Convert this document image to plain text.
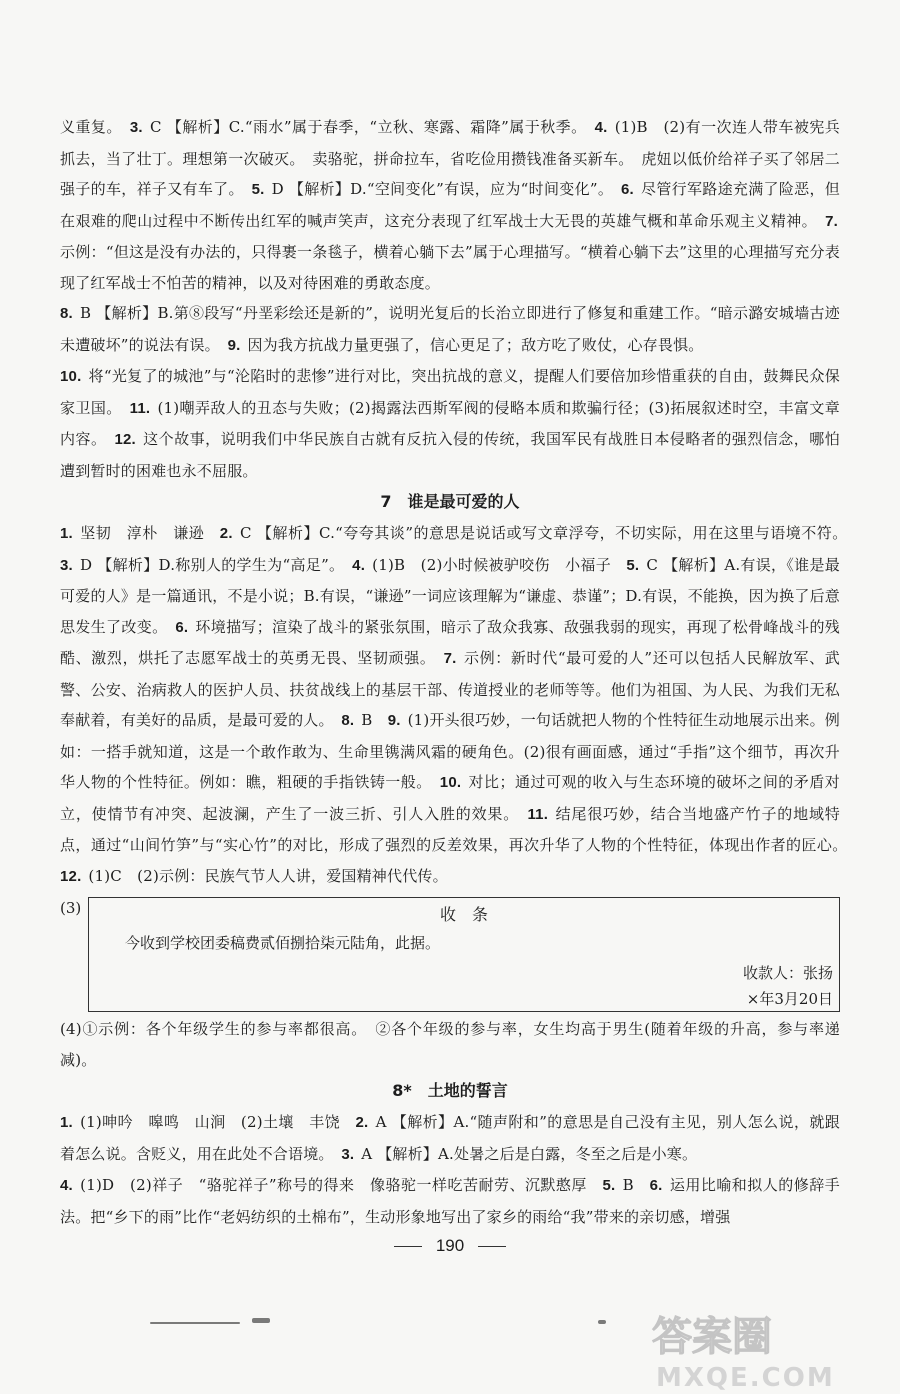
义重复。　3. C 【解析】C.“雨水”属于春季，“立秋、寒露、霜降”属于秋季。　4. (1)B　(2)有一次连人带车被宪兵抓去，当了壮丁。理想第一次破灭。　卖骆驼，拼命拉车，省吃俭用攒钱准备买新车。　虎妞以低价给祥子买了邻居二强子的车，祥子又有车了。　5. D 【解析】D.“空间变化”有误，应为“时间变化”。　6. 尽管行军路途充满了险恶，但在艰难的爬山过程中不断传出红军的喊声笑声，这充分表现了红军战士大无畏的英雄气概和革命乐观主义精神。　7. 示例：“但这是没有办法的，只得裹一条毯子，横着心躺下去”属于心理描写。“横着心躺下去”这里的心理描写充分表现了红军战士不怕苦的精神，以及对待困难的勇敢态度。

8. B 【解析】B.第⑧段写“丹垩彩绘还是新的”，说明光复后的长治立即进行了修复和重建工作。“暗示潞安城墙古迹未遭破坏”的说法有误。　9. 因为我方抗战力量更强了，信心更足了；敌方吃了败仗，心存畏惧。

10. 将“光复了的城池”与“沦陷时的悲惨”进行对比，突出抗战的意义，提醒人们要倍加珍惜重获的自由，鼓舞民众保家卫国。　11. (1)嘲弄敌人的丑态与失败；(2)揭露法西斯军阀的侵略本质和欺骗行径；(3)拓展叙述时空，丰富文章内容。　12. 这个故事，说明我们中华民族自古就有反抗入侵的传统，我国军民有战胜日本侵略者的强烈信念，哪怕遭到暂时的困难也永不屈服。

7　谁是最可爱的人

1. 坚韧　淳朴　谦逊　2. C 【解析】C.“夸夸其谈”的意思是说话或写文章浮夸，不切实际，用在这里与语境不符。　3. D 【解析】D.称别人的学生为“高足”。　4. (1)B　(2)小时候被驴咬伤　小福子　5. C 【解析】A.有误，《谁是最可爱的人》是一篇通讯，不是小说；B.有误，“谦逊”一词应该理解为“谦虚、恭谨”；D.有误，不能换，因为换了后意思发生了改变。　6. 环境描写；渲染了战斗的紧张氛围，暗示了敌众我寡、敌强我弱的现实，再现了松骨峰战斗的残酷、激烈，烘托了志愿军战士的英勇无畏、坚韧顽强。　7. 示例：新时代“最可爱的人”还可以包括人民解放军、武警、公安、治病救人的医护人员、扶贫战线上的基层干部、传道授业的老师等等。他们为祖国、为人民、为我们无私奉献着，有美好的品质，是最可爱的人。　8. B　9. (1)开头很巧妙，一句话就把人物的个性特征生动地展示出来。例如：一搭手就知道，这是一个敢作敢为、生命里镌满风霜的硬角色。(2)很有画面感，通过“手指”这个细节，再次升华人物的个性特征。例如：瞧，粗硬的手指铁铸一般。　10. 对比；通过可观的收入与生态环境的破坏之间的矛盾对立，使情节有冲突、起波澜，产生了一波三折、引人入胜的效果。　11. 结尾很巧妙，结合当地盛产竹子的地域特点，通过“山间竹笋”与“实心竹”的对比，形成了强烈的反差效果，再次升华了人物的个性特征，体现出作者的匠心。　12. (1)C　(2)示例：民族气节人人讲，爱国精神代代传。

(3)	收条
今收到学校团委稿费贰佰捌拾柒元陆角，此据。
收款人：张扬
×年3月20日

(4)①示例：各个年级学生的参与率都很高。　②各个年级的参与率，女生均高于男生(随着年级的升高，参与率递减)。

8*　土地的誓言

1. (1)呻吟　嗥鸣　山涧　(2)土壤　丰饶　2. A 【解析】A.“随声附和”的意思是自己没有主见，别人怎么说，就跟着怎么说。含贬义，用在此处不合语境。　3. A 【解析】A.处暑之后是白露，冬至之后是小寒。

4. (1)D　(2)祥子　“骆驼祥子”称号的得来　像骆驼一样吃苦耐劳、沉默憨厚　5. B　6. 运用比喻和拟人的修辞手法。把“乡下的雨”比作“老妈纺织的土棉布”，生动形象地写出了家乡的雨给“我”带来的亲切感，增强

190
答案圈
MXQE.COM
